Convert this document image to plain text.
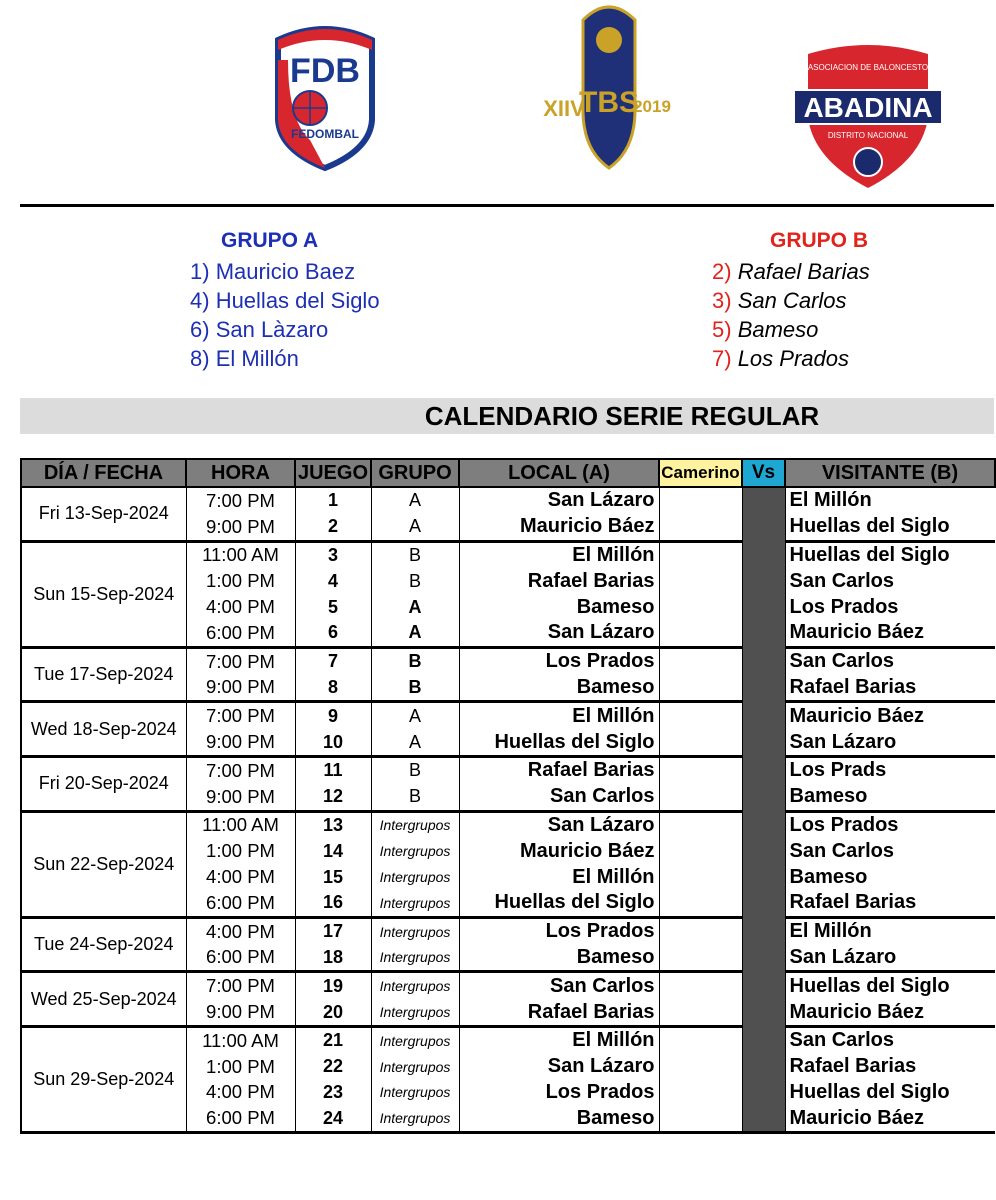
FDB
FEDOMBAL
TBS
XIIV	2019
ASOCIACION DE BALONCESTO
ABADINA
DISTRITO NACIONAL
GRUPO A
1) Mauricio Baez
4) Huellas del Siglo
6) San Làzaro
8) El Millón
GRUPO B
2) Rafael Barias
3) San Carlos
5) Bameso
7) Los Prados
CALENDARIO SERIE REGULAR
DÍA / FECHA	HORA	JUEGO	GRUPO	LOCAL (A)	Camerino	Vs	VISITANTE (B)
Fri 13-Sep-2024	7:00 PM	1	A	San Lázaro			El Millón
	9:00 PM	2	A	Mauricio Báez			Huellas del Siglo
Sun 15-Sep-2024	11:00 AM	3	B	El Millón			Huellas del Siglo
	1:00 PM	4	B	Rafael Barias			San Carlos
	4:00 PM	5	A	Bameso			Los Prados
	6:00 PM	6	A	San Lázaro			Mauricio Báez
Tue 17-Sep-2024	7:00 PM	7	B	Los Prados			San Carlos
	9:00 PM	8	B	Bameso			Rafael Barias
Wed 18-Sep-2024	7:00 PM	9	A	El Millón			Mauricio Báez
	9:00 PM	10	A	Huellas del Siglo			San Lázaro
Fri 20-Sep-2024	7:00 PM	11	B	Rafael Barias			Los Prads
	9:00 PM	12	B	San Carlos			Bameso
Sun 22-Sep-2024	11:00 AM	13	Intergrupos	San Lázaro			Los Prados
	1:00 PM	14	Intergrupos	Mauricio Báez			San Carlos
	4:00 PM	15	Intergrupos	El Millón			Bameso
	6:00 PM	16	Intergrupos	Huellas del Siglo			Rafael Barias
Tue 24-Sep-2024	4:00 PM	17	Intergrupos	Los Prados			El Millón
	6:00 PM	18	Intergrupos	Bameso			San Lázaro
Wed 25-Sep-2024	7:00 PM	19	Intergrupos	San Carlos			Huellas del Siglo
	9:00 PM	20	Intergrupos	Rafael Barias			Mauricio Báez
Sun 29-Sep-2024	11:00 AM	21	Intergrupos	El Millón			San Carlos
	1:00 PM	22	Intergrupos	San Lázaro			Rafael Barias
	4:00 PM	23	Intergrupos	Los Prados			Huellas del Siglo
	6:00 PM	24	Intergrupos	Bameso			Mauricio Báez
